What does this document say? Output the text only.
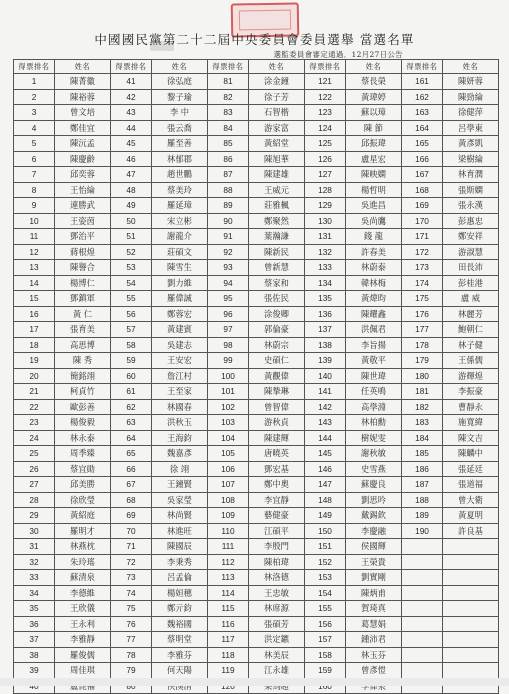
中國國民黨第二十二屆中央委員會委員選舉 當選名單
選監委員會審定通過．12月27日公告
得票排名	姓名	得票排名	姓名	得票排名	姓名	得票排名	姓名	得票排名	姓名
1	陳菁徽	41	徐弘庭	81	涂金鐘	121	蔡長榮	161	陳妍蓉
2	陳裕蓉	42	黎子瑜	82	徐子芳	122	黃瑋婷	162	陳勁綸
3	曾文培	43	李 中	83	石智楷	123	蘇以璋	163	徐健萍
4	鄭佳宜	44	張云喬	84	游家富	124	陳 節	164	呂學東
5	陳沅孟	45	羅至善	85	黃紹堂	125	邱振瑋	165	黃彥凱
6	陳慶齡	46	林郁郡	86	陳旭華	126	盧星宏	166	梁樹綸
7	邱奕蓉	47	趙世鵬	87	陳建雄	127	陳映嫻	167	林育潤
8	王怡綸	48	蔡美玲	88	王威元	128	楊哲明	168	張斯嫻
9	連勝武	49	羅延璋	89	莊雅楓	129	吳進昌	169	張永漢
10	王姿茵	50	宋立彬	90	鄭聚然	130	吳尚鷹	170	彭惠忠
11	鄧治平	51	謝龍介	91	葉瀚謙	131	錢 龍	171	鄭安祥
12	蔣根煌	52	莊碩文	92	陳新民	132	許春美	172	游淑慧
13	陳譽合	53	陳雪生	93	曾新慧	133	林蔚泰	173	田長沛
14	楊博仁	54	劉力維	94	蔡家和	134	韓林梅	174	彭桂港
15	鄧鎮軍	55	羅偉誠	95	張佐民	135	黃煒昀	175	盧 威
16	黃 仁	56	鄭蓉宏	96	涂俊卿	136	陳耀鑫	176	林麗芳
17	張育美	57	黃建賓	97	郭倫豪	137	洪佩君	177	鮑朝仁
18	高思博	58	吳建志	98	林蔚宗	138	李旨揚	178	林子健
19	陳 秀	59	王安宏	99	史碩仁	139	黃敬平	179	王係儒
20	簡銘翊	60	詹江村	100	黃觀偉	140	陳世瑋	180	游輝煌
21	柯貞竹	61	王至家	101	陳摯琳	141	任英鳴	181	李振豪
22	歐彭善	62	林國春	102	曾智偉	142	高學淵	182	曹靜永
23	楊俊毅	63	洪秋玉	103	游秋貞	143	林柏勳	183	施寬緯
24	林永泰	64	王海鈞	104	陳建輝	144	樹妮雯	184	陳文吉
25	周季臻	65	魏嘉彥	105	唐曉英	145	謝秋敏	185	陳麟中
26	蔡宜勛	66	徐 翊	106	鄧宏基	146	史雪燕	186	張延廷
27	邱美勝	67	王鐘賢	107	鄭中奧	147	蘇慶良	187	張道福
28	徐欣瑩	68	吳家瑩	108	李宜靜	148	劉思吟	188	曾大衛
29	黃紹庭	69	林尚賢	109	藝健豪	149	戴錫欽	189	黃夏明
30	羅明才	70	林進旺	110	江碩平	150	李慶融	190	許良基
31	林燕枕	71	陳國辰	111	李殷門	151	侯國輝		
32	朱玲瑤	72	李秉秀	112	陳柏瑋	152	王榮貴		
33	蘇清泉	73	呂孟倫	113	林洛德	153	劉實剛		
34	李德維	74	楊姮穗	114	王忠敏	154	陳炳甫		
35	王欣儀	75	鄭亓鈞	115	林席源	155	賀琦真		
36	王永利	76	魏裕國	116	張碩芳	156	葛慧娟		
37	李雅靜	77	蔡明堂	117	洪定鑣	157	鍾沛君		
38	羅俊儒	78	李雅芬	118	林美辰	158	林玉芬		
39	周佳琪	79	何天陽	119	江永雄	159	曾彥愷		
